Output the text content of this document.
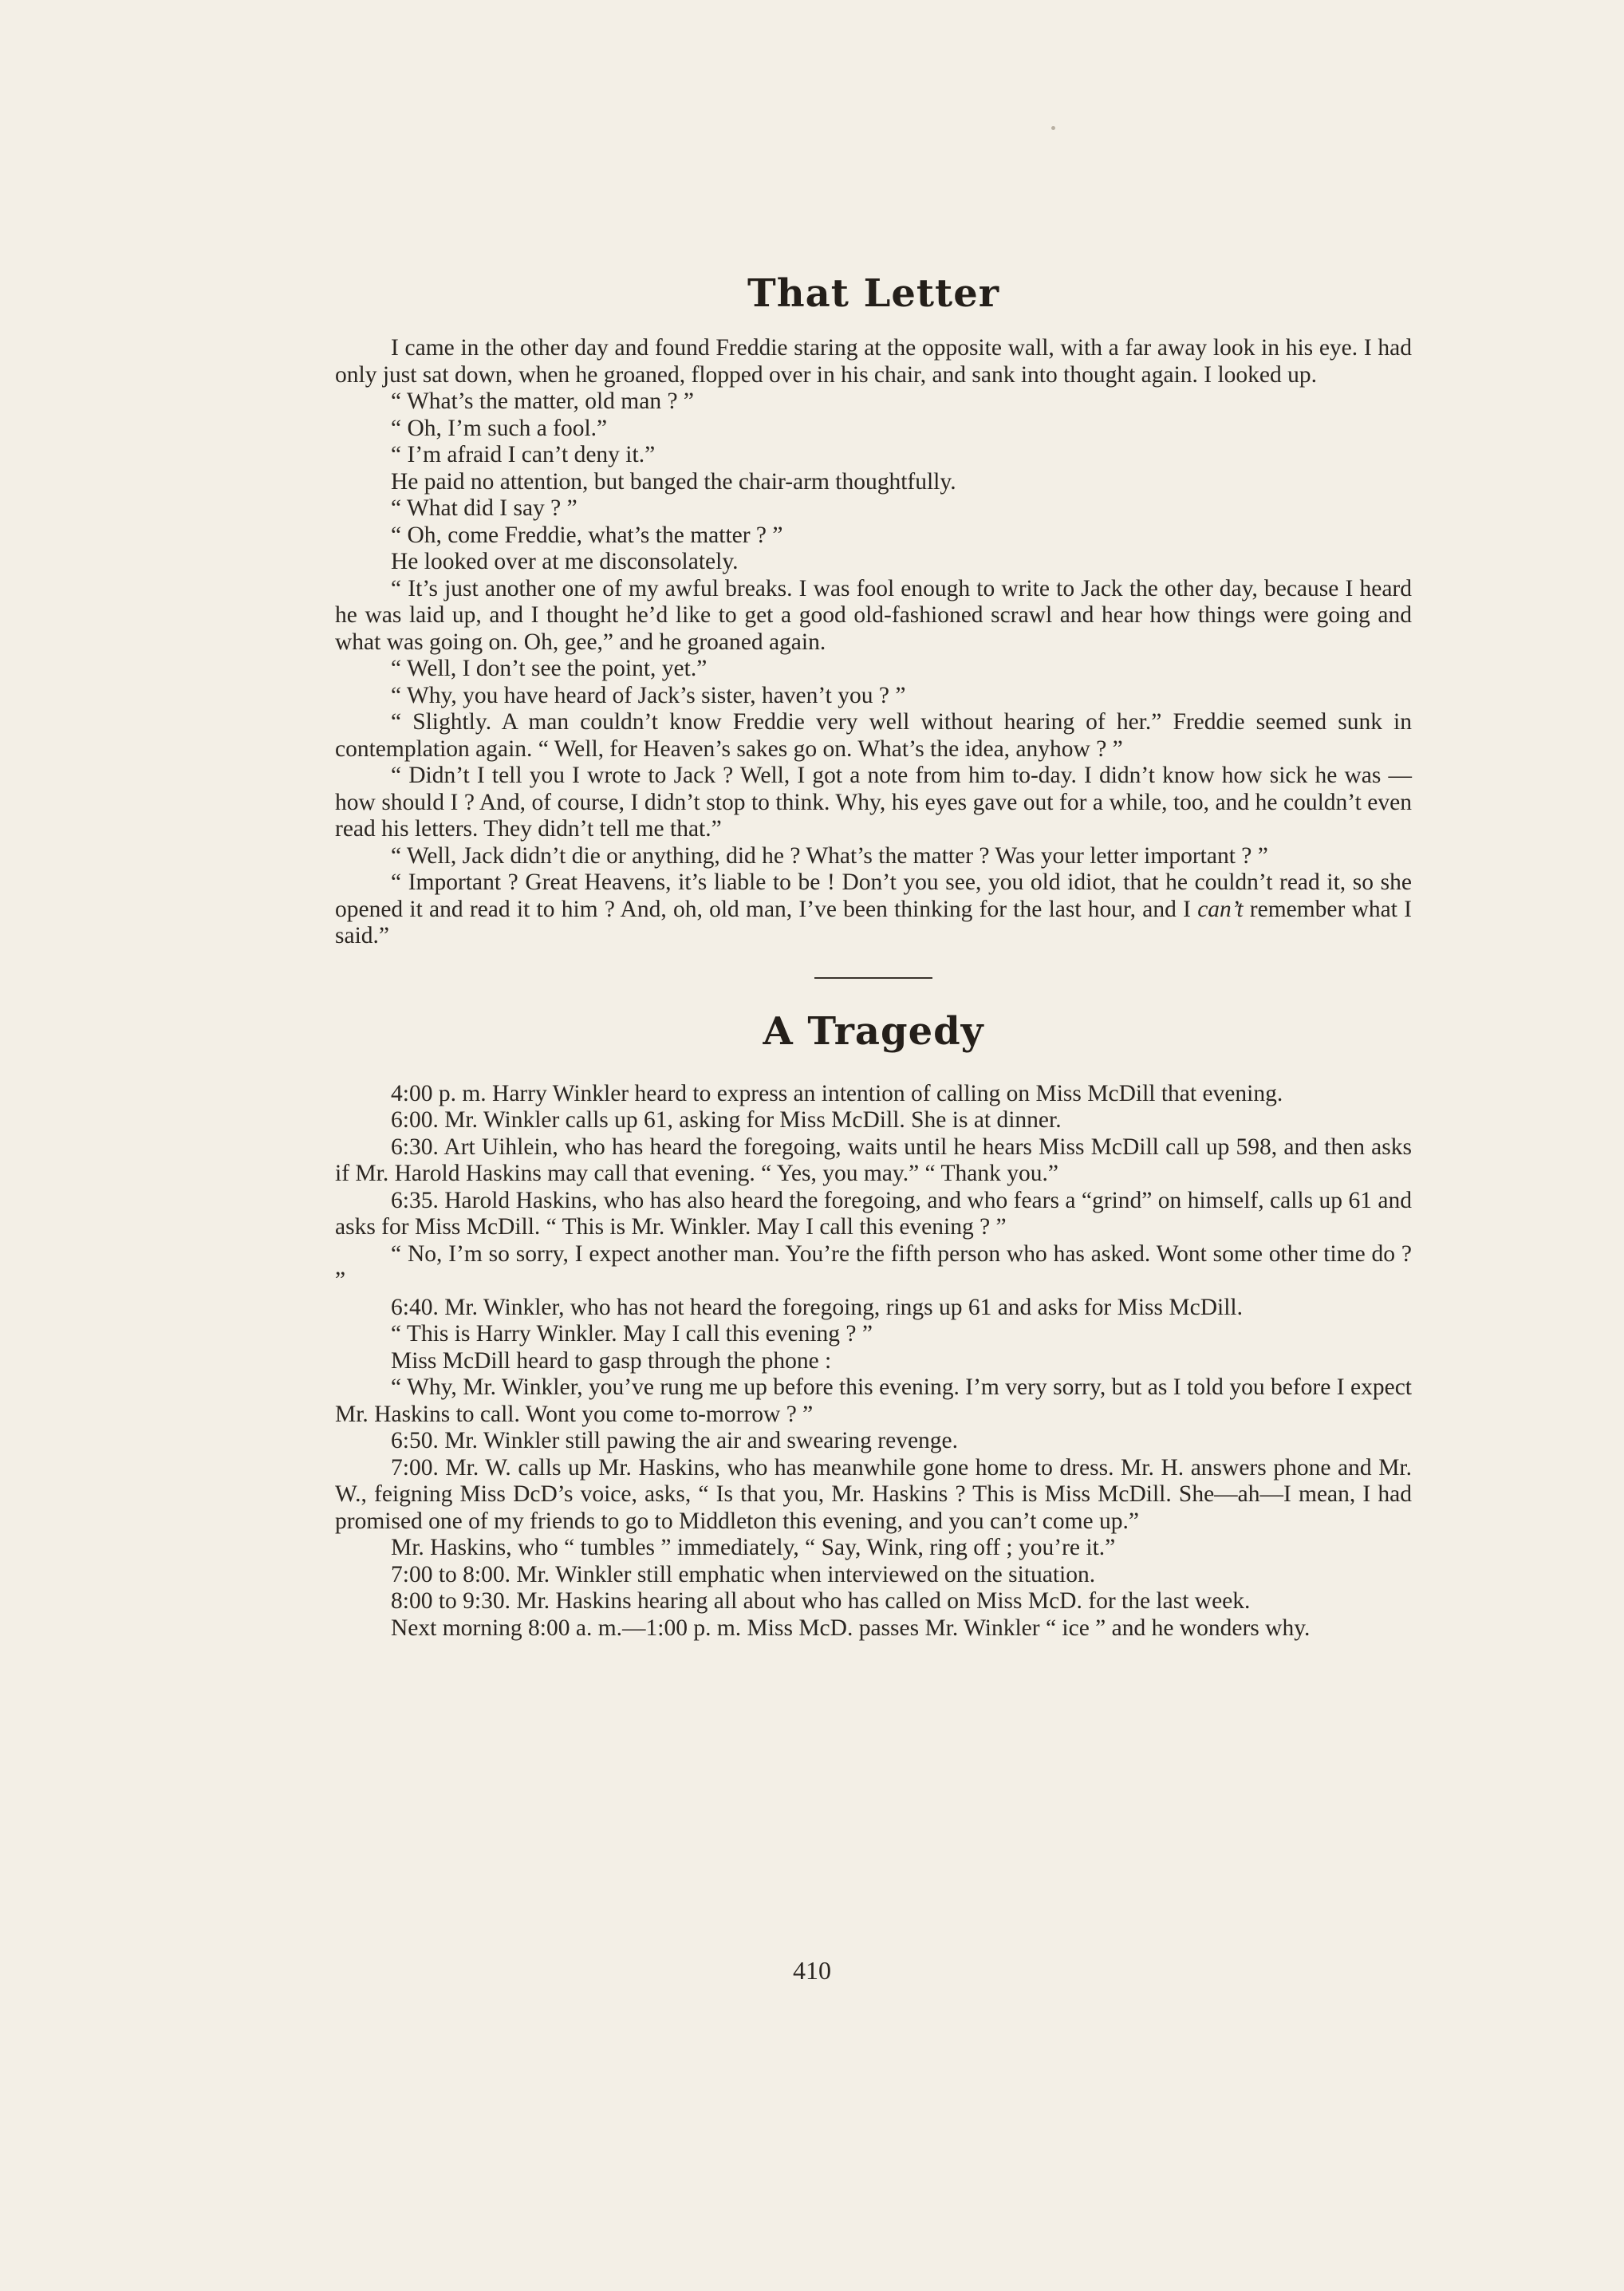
That Letter

I came in the other day and found Freddie staring at the opposite wall, with a far away look in his eye. I had only just sat down, when he groaned, flopped over in his chair, and sank into thought again. I looked up.

“ What’s the matter, old man ? ”

“ Oh, I’m such a fool.”

“ I’m afraid I can’t deny it.”

He paid no attention, but banged the chair-arm thoughtfully.

“ What did I say ? ”

“ Oh, come Freddie, what’s the matter ? ”

He looked over at me disconsolately.

“ It’s just another one of my awful breaks. I was fool enough to write to Jack the other day, because I heard he was laid up, and I thought he’d like to get a good old-fashioned scrawl and hear how things were going and what was going on. Oh, gee,” and he groaned again.

“ Well, I don’t see the point, yet.”

“ Why, you have heard of Jack’s sister, haven’t you ? ”

“ Slightly. A man couldn’t know Freddie very well without hearing of her.” Freddie seemed sunk in contemplation again. “ Well, for Heaven’s sakes go on. What’s the idea, anyhow ? ”

“ Didn’t I tell you I wrote to Jack ? Well, I got a note from him to-day. I didn’t know how sick he was — how should I ? And, of course, I didn’t stop to think. Why, his eyes gave out for a while, too, and he couldn’t even read his letters. They didn’t tell me that.”

“ Well, Jack didn’t die or anything, did he ? What’s the matter ? Was your letter important ? ”

“ Important ? Great Heavens, it’s liable to be ! Don’t you see, you old idiot, that he couldn’t read it, so she opened it and read it to him ? And, oh, old man, I’ve been thinking for the last hour, and I can’t remember what I said.”

A Tragedy

4:00 p. m. Harry Winkler heard to express an intention of calling on Miss McDill that evening.

6:00. Mr. Winkler calls up 61, asking for Miss McDill. She is at dinner.

6:30. Art Uihlein, who has heard the foregoing, waits until he hears Miss McDill call up 598, and then asks if Mr. Harold Haskins may call that evening. “ Yes, you may.” “ Thank you.”

6:35. Harold Haskins, who has also heard the foregoing, and who fears a “grind” on himself, calls up 61 and asks for Miss McDill. “ This is Mr. Winkler. May I call this evening ? ”

“ No, I’m so sorry, I expect another man. You’re the fifth person who has asked. Wont some other time do ? ”

6:40. Mr. Winkler, who has not heard the foregoing, rings up 61 and asks for Miss McDill.

“ This is Harry Winkler. May I call this evening ? ”

Miss McDill heard to gasp through the phone :

“ Why, Mr. Winkler, you’ve rung me up before this evening. I’m very sorry, but as I told you before I expect Mr. Haskins to call. Wont you come to-morrow ? ”

6:50. Mr. Winkler still pawing the air and swearing revenge.

7:00. Mr. W. calls up Mr. Haskins, who has meanwhile gone home to dress. Mr. H. answers phone and Mr. W., feigning Miss DcD’s voice, asks, “ Is that you, Mr. Haskins ? This is Miss McDill. She—ah—I mean, I had promised one of my friends to go to Middleton this evening, and you can’t come up.”

Mr. Haskins, who “ tumbles ” immediately, “ Say, Wink, ring off ; you’re it.”

7:00 to 8:00. Mr. Winkler still emphatic when interviewed on the situation.

8:00 to 9:30. Mr. Haskins hearing all about who has called on Miss McD. for the last week.

Next morning 8:00 a. m.—1:00 p. m. Miss McD. passes Mr. Winkler “ ice ” and he wonders why.

410
